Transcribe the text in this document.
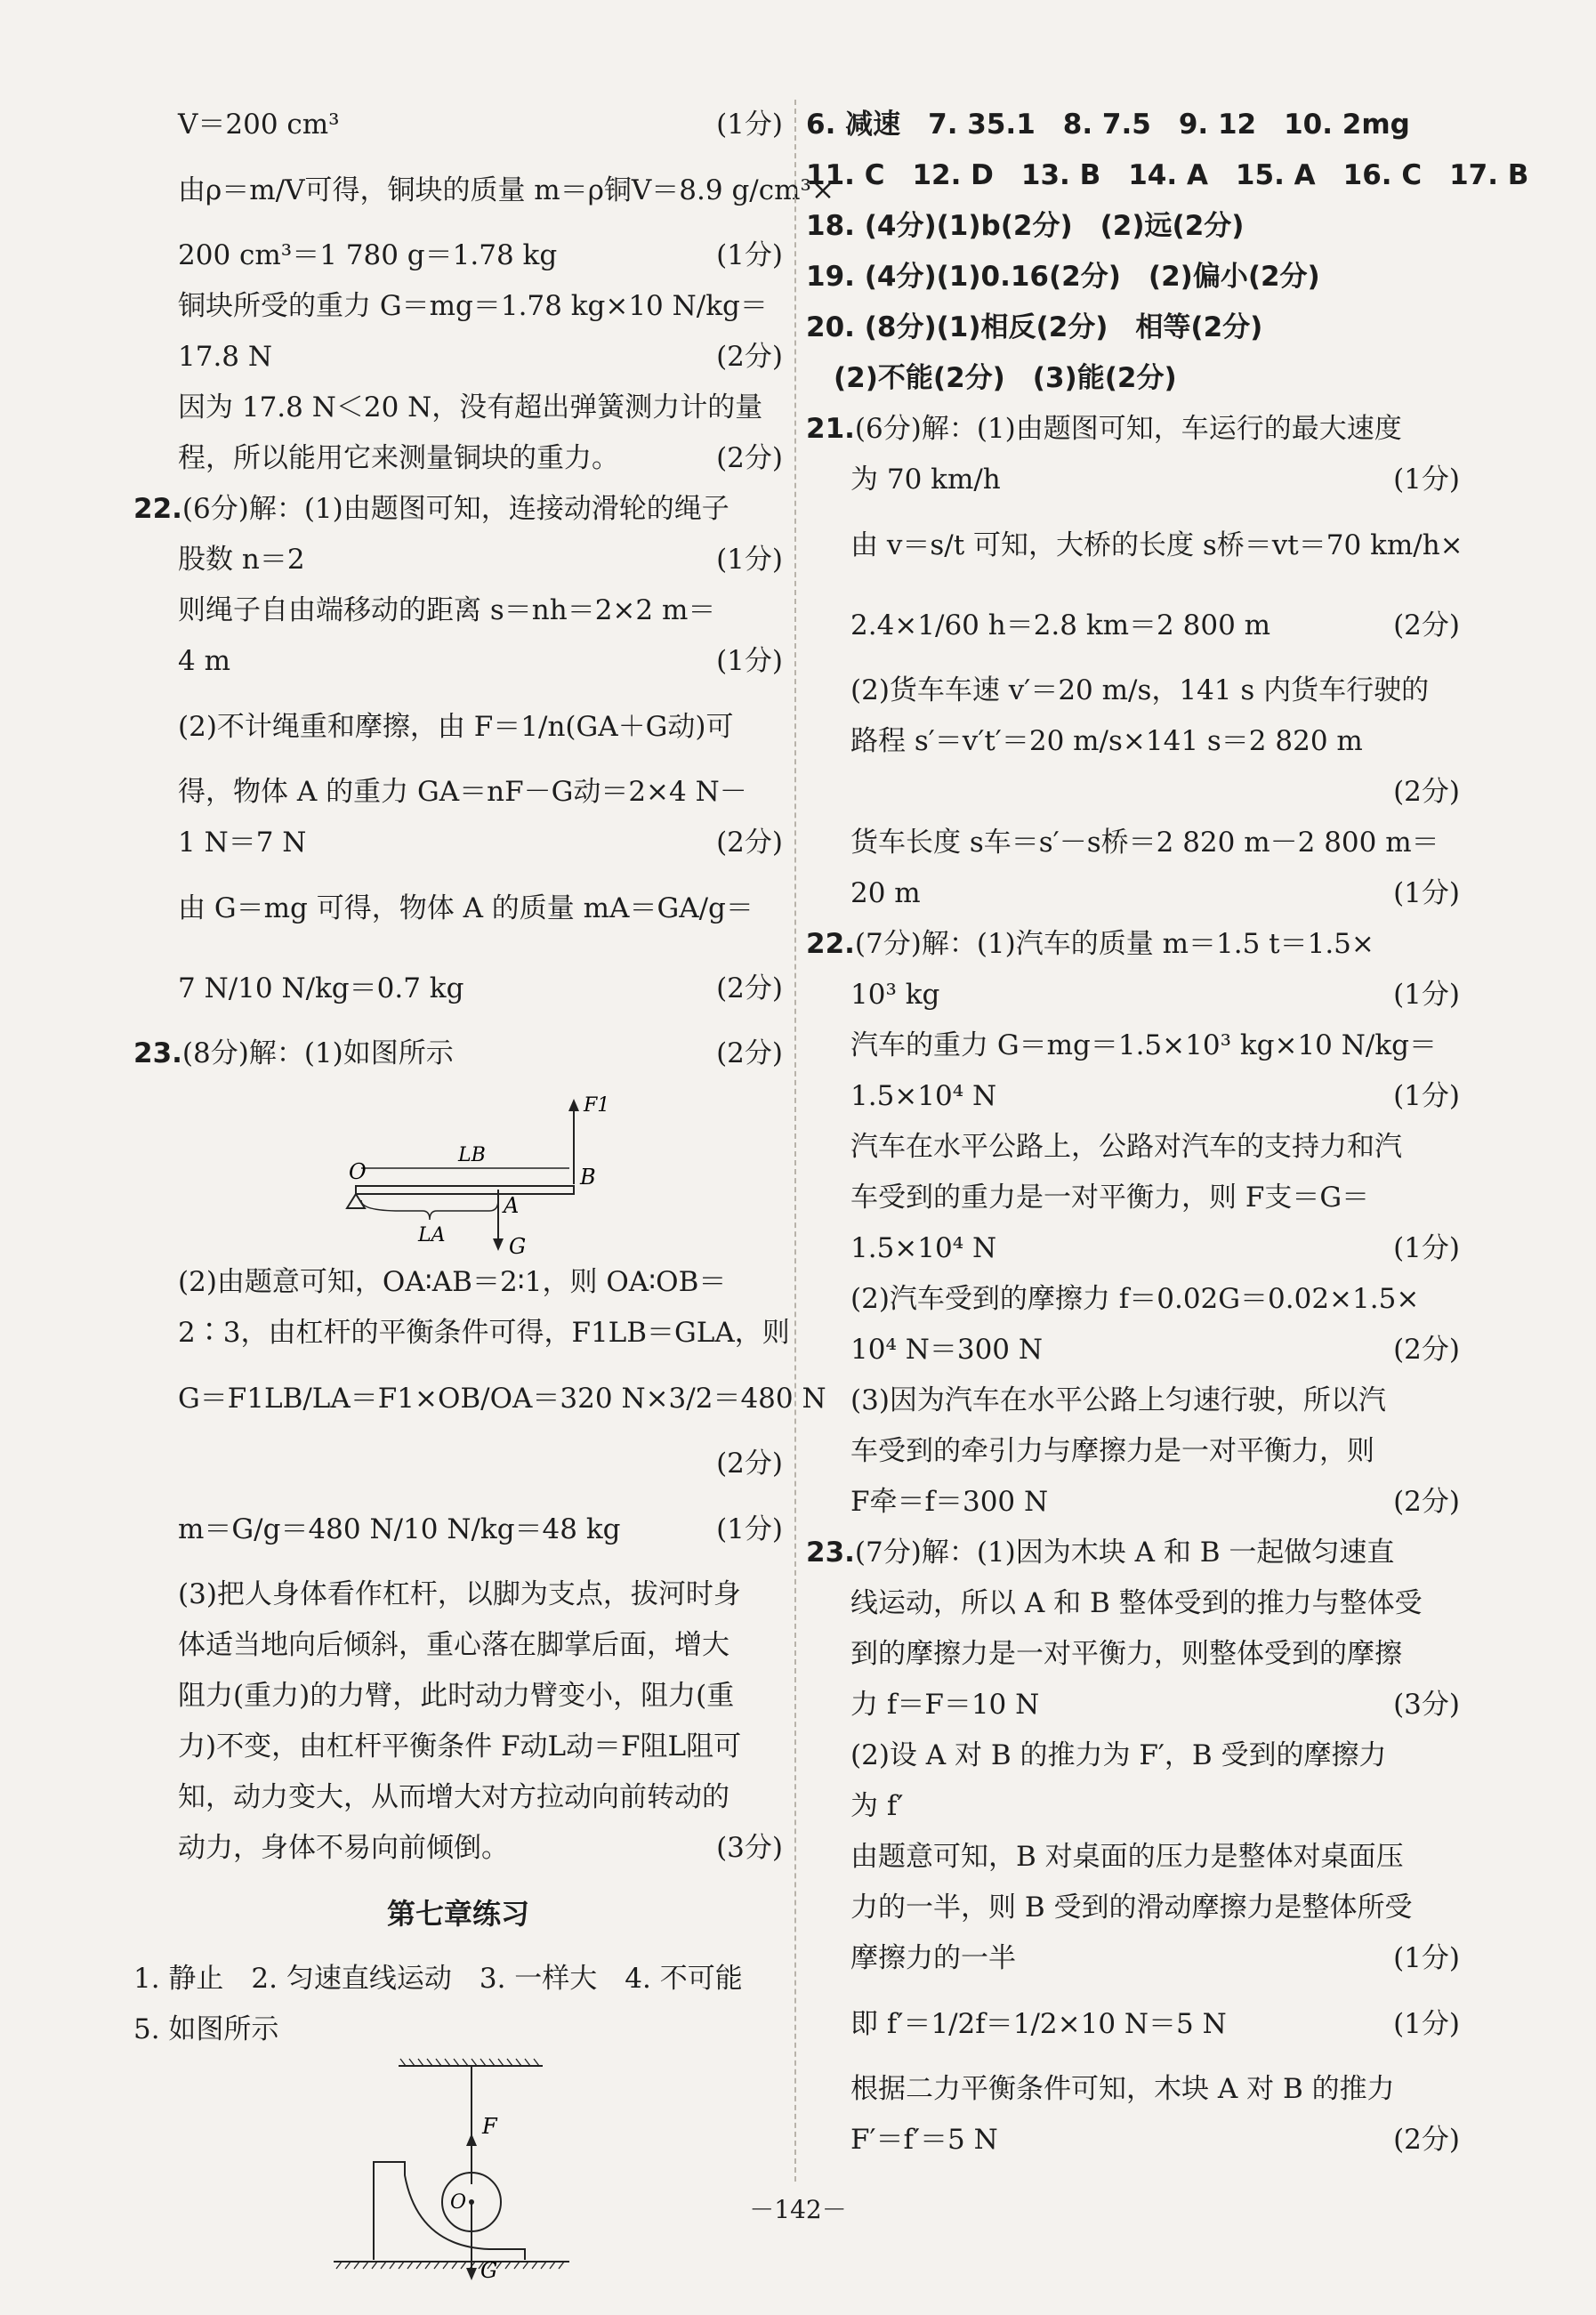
V＝200 cm³	(1分)
由ρ＝m/V可得，铜块的质量 m＝ρ铜V＝8.9 g/cm³×
200 cm³＝1 780 g＝1.78 kg	(1分)
铜块所受的重力 G＝mg＝1.78 kg×10 N/kg＝
17.8 N	(2分)
因为 17.8 N＜20 N，没有超出弹簧测力计的量
程，所以能用它来测量铜块的重力。	(2分)
22.(6分)解：(1)由题图可知，连接动滑轮的绳子
股数 n＝2	(1分)
则绳子自由端移动的距离 s＝nh＝2×2 m＝
4 m	(1分)
(2)不计绳重和摩擦，由 F＝1/n(GA＋G动)可
得，物体 A 的重力 GA＝nF－G动＝2×4 N－
1 N＝7 N	(2分)
由 G＝mg 可得，物体 A 的质量 mA＝GA/g＝
7 N/10 N/kg＝0.7 kg	(2分)
23.(8分)解：(1)如图所示	(2分)
O
LB
B
F1
A
LA	G
(2)由题意可知，OA∶AB＝2∶1，则 OA∶OB＝
2∶3，由杠杆的平衡条件可得，F1LB＝GLA，则
G＝F1LB/LA＝F1×OB/OA＝320 N×3/2＝480 N
(2分)
m＝G/g＝480 N/10 N/kg＝48 kg	(1分)
(3)把人身体看作杠杆，以脚为支点，拔河时身
体适当地向后倾斜，重心落在脚掌后面，增大
阻力(重力)的力臂，此时动力臂变小，阻力(重
力)不变，由杠杆平衡条件 F动L动＝F阻L阻可
知，动力变大，从而增大对方拉动向前转动的
动力，身体不易向前倾倒。	(3分)
第七章练习
1. 静止　2. 匀速直线运动　3. 一样大　4. 不可能
5. 如图所示
F
O
G
6. 减速　7. 35.1　8. 7.5　9. 12　10. 2mg
11. C　12. D　13. B　14. A　15. A　16. C　17. B
18. (4分)(1)b(2分)　(2)远(2分)
19. (4分)(1)0.16(2分)　(2)偏小(2分)
20. (8分)(1)相反(2分)　相等(2分)
　(2)不能(2分)　(3)能(2分)
21.(6分)解：(1)由题图可知，车运行的最大速度
为 70 km/h	(1分)
由 v＝s/t 可知，大桥的长度 s桥＝vt＝70 km/h×
2.4×1/60 h＝2.8 km＝2 800 m	(2分)
(2)货车车速 v′＝20 m/s，141 s 内货车行驶的
路程 s′＝v′t′＝20 m/s×141 s＝2 820 m
(2分)
货车长度 s车＝s′－s桥＝2 820 m－2 800 m＝
20 m	(1分)
22.(7分)解：(1)汽车的质量 m＝1.5 t＝1.5×
10³ kg	(1分)
汽车的重力 G＝mg＝1.5×10³ kg×10 N/kg＝
1.5×10⁴ N	(1分)
汽车在水平公路上，公路对汽车的支持力和汽
车受到的重力是一对平衡力，则 F支＝G＝
1.5×10⁴ N	(1分)
(2)汽车受到的摩擦力 f＝0.02G＝0.02×1.5×
10⁴ N＝300 N	(2分)
(3)因为汽车在水平公路上匀速行驶，所以汽
车受到的牵引力与摩擦力是一对平衡力，则
F牵＝f＝300 N	(2分)
23.(7分)解：(1)因为木块 A 和 B 一起做匀速直
线运动，所以 A 和 B 整体受到的推力与整体受
到的摩擦力是一对平衡力，则整体受到的摩擦
力 f＝F＝10 N	(3分)
(2)设 A 对 B 的推力为 F′，B 受到的摩擦力
为 f′
由题意可知，B 对桌面的压力是整体对桌面压
力的一半，则 B 受到的滑动摩擦力是整体所受
摩擦力的一半	(1分)
即 f′＝1/2f＝1/2×10 N＝5 N	(1分)
根据二力平衡条件可知，木块 A 对 B 的推力
F′＝f′＝5 N	(2分)
－142－
